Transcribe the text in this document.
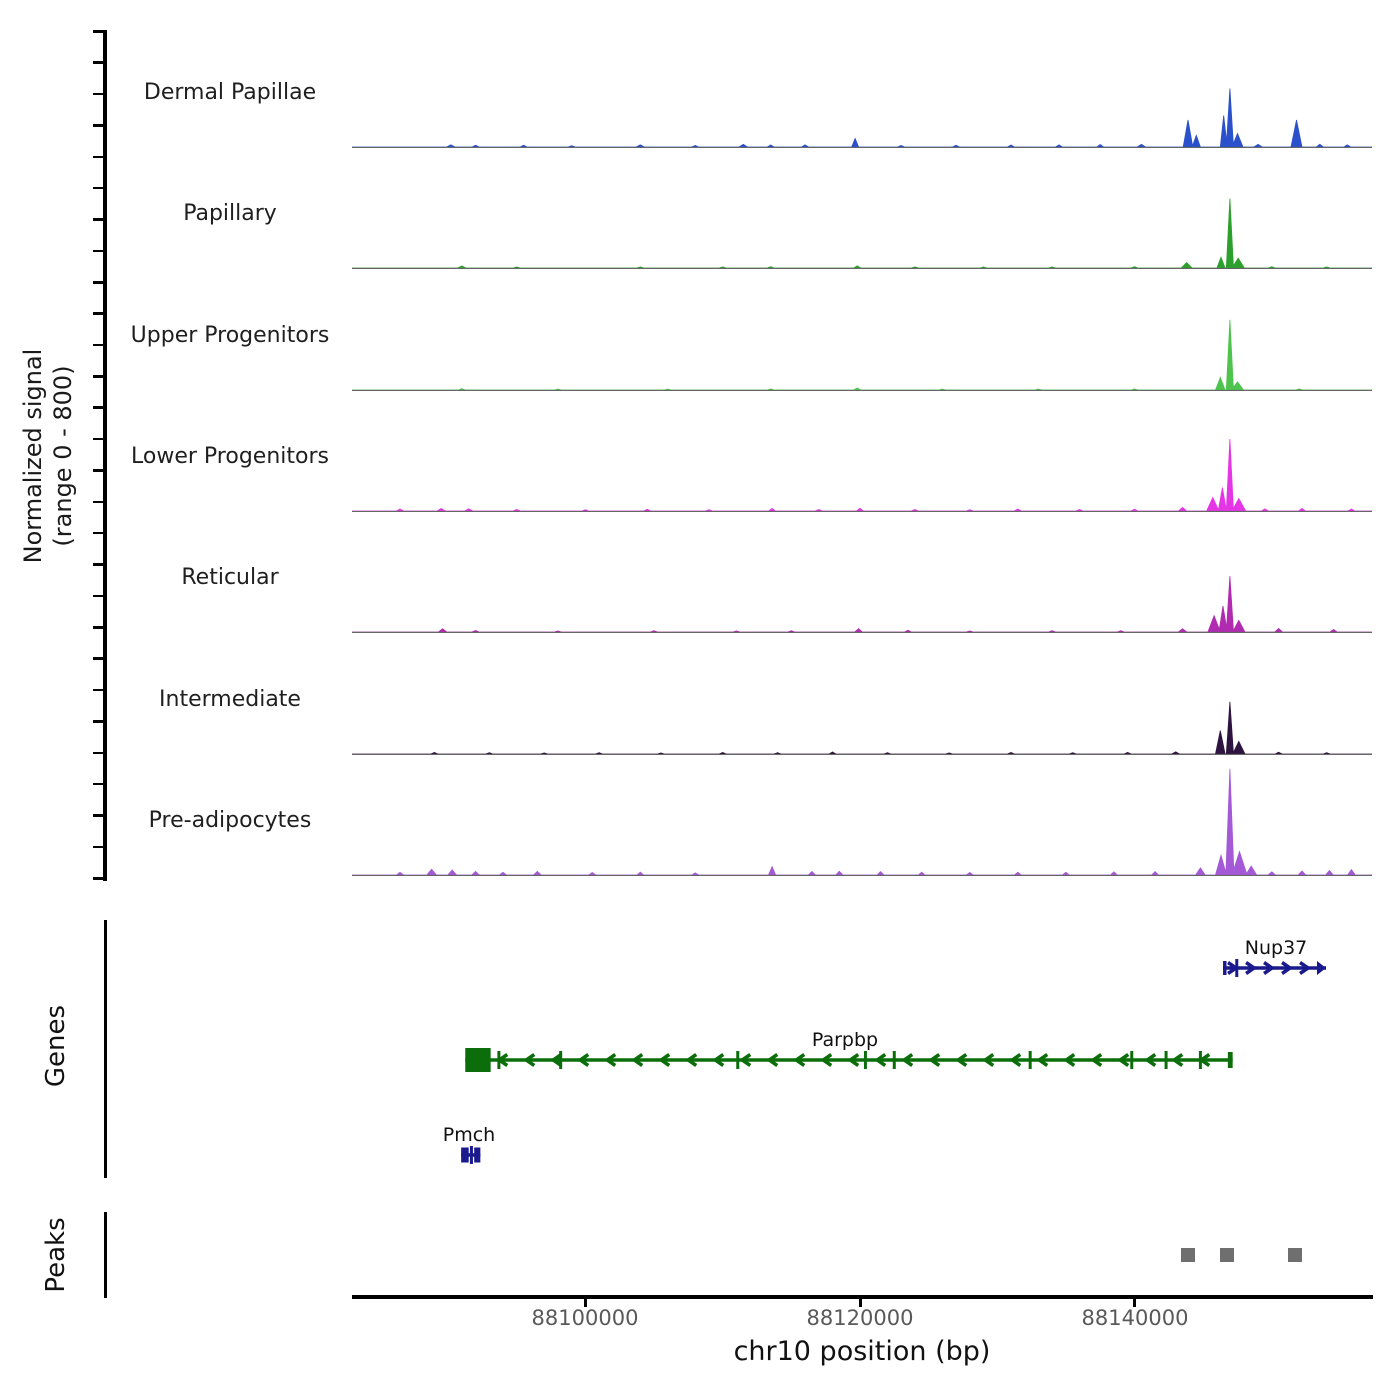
Normalized signal (range 0 - 800)
Genes
Peaks
88100000	88120000	88140000
chr10 position (bp)
Dermal Papillae
Papillary
Upper Progenitors
Lower Progenitors
Reticular
Intermediate
Pre-adipocytes
Nup37
Parpbp
Pmch
